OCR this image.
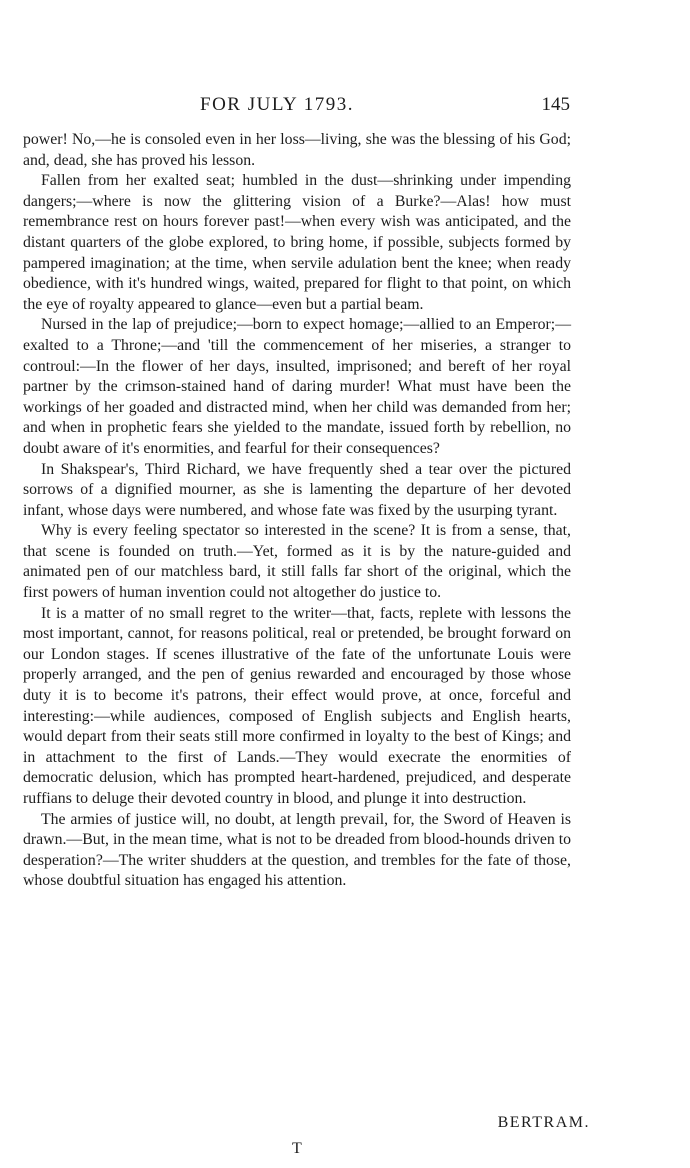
FOR JULY 1793.	145

power! No,—he is consoled even in her loss—living, she was the blessing of his God; and, dead, she has proved his lesson.

Fallen from her exalted seat; humbled in the dust—shrinking under impending dangers;—where is now the glittering vision of a Burke?—Alas! how must remembrance rest on hours forever past!—when every wish was anticipated, and the distant quarters of the globe explored, to bring home, if possible, subjects formed by pampered imagination; at the time, when servile adulation bent the knee; when ready obedience, with it's hundred wings, waited, prepared for flight to that point, on which the eye of royalty appeared to glance—even but a partial beam.

Nursed in the lap of prejudice;—born to expect homage;—allied to an Emperor;—exalted to a Throne;—and 'till the commencement of her miseries, a stranger to controul:—In the flower of her days, insulted, imprisoned; and bereft of her royal partner by the crimson-stained hand of daring murder! What must have been the workings of her goaded and distracted mind, when her child was demanded from her; and when in prophetic fears she yielded to the mandate, issued forth by rebellion, no doubt aware of it's enormities, and fearful for their consequences?

In Shakspear's, Third Richard, we have frequently shed a tear over the pictured sorrows of a dignified mourner, as she is lamenting the departure of her devoted infant, whose days were numbered, and whose fate was fixed by the usurping tyrant.

Why is every feeling spectator so interested in the scene? It is from a sense, that, that scene is founded on truth.—Yet, formed as it is by the nature-guided and animated pen of our matchless bard, it still falls far short of the original, which the first powers of human invention could not altogether do justice to.

It is a matter of no small regret to the writer—that, facts, replete with lessons the most important, cannot, for reasons political, real or pretended, be brought forward on our London stages. If scenes illustrative of the fate of the unfortunate Louis were properly arranged, and the pen of genius rewarded and encouraged by those whose duty it is to become it's patrons, their effect would prove, at once, forceful and interesting:—while audiences, composed of English subjects and English hearts, would depart from their seats still more confirmed in loyalty to the best of Kings; and in attachment to the first of Lands.—They would execrate the enormities of democratic delusion, which has prompted heart-hardened, prejudiced, and desperate ruffians to deluge their devoted country in blood, and plunge it into destruction.

The armies of justice will, no doubt, at length prevail, for, the Sword of Heaven is drawn.—But, in the mean time, what is not to be dreaded from blood-hounds driven to desperation?—The writer shudders at the question, and trembles for the fate of those, whose doubtful situation has engaged his attention.

BERTRAM.
T
